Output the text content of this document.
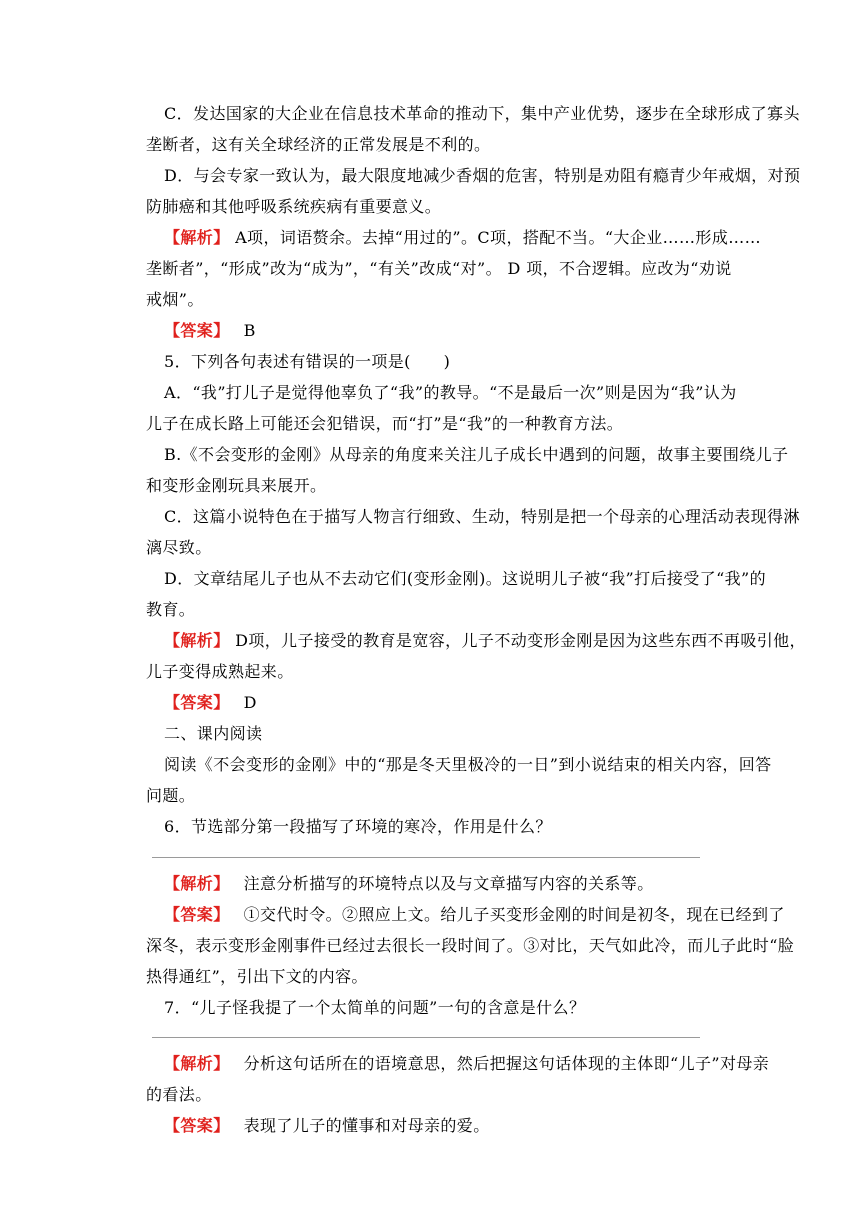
C．发达国家的大企业在信息技术革命的推动下，集中产业优势，逐步在全球形成了寡头
垄断者，这有关全球经济的正常发展是不利的。
D．与会专家一致认为，最大限度地减少香烟的危害，特别是劝阻有瘾青少年戒烟，对预
防肺癌和其他呼吸系统疾病有重要意义。
【解析】 A项，词语赘余。去掉“用过的”。C项，搭配不当。“大企业……形成……
垄断者”，“形成”改为“成为”，“有关”改成“对”。 D 项，不合逻辑。应改为“劝说
戒烟”。
【答案】 B
5．下列各句表述有错误的一项是(　　)
A．“我”打儿子是觉得他辜负了“我”的教导。“不是最后一次”则是因为“我”认为
儿子在成长路上可能还会犯错误，而“打”是“我”的一种教育方法。
B.《不会变形的金刚》从母亲的角度来关注儿子成长中遇到的问题，故事主要围绕儿子
和变形金刚玩具来展开。
C．这篇小说特色在于描写人物言行细致、生动，特别是把一个母亲的心理活动表现得淋
漓尽致。
D．文章结尾儿子也从不去动它们(变形金刚)。这说明儿子被“我”打后接受了“我”的
教育。
【解析】 D项，儿子接受的教育是宽容，儿子不动变形金刚是因为这些东西不再吸引他，
儿子变得成熟起来。
【答案】 D
二、课内阅读
阅读《不会变形的金刚》中的“那是冬天里极冷的一日”到小说结束的相关内容，回答
问题。
6．节选部分第一段描写了环境的寒冷，作用是什么？
【解析】 注意分析描写的环境特点以及与文章描写内容的关系等。
【答案】 ①交代时令。②照应上文。给儿子买变形金刚的时间是初冬，现在已经到了
深冬，表示变形金刚事件已经过去很长一段时间了。③对比，天气如此冷，而儿子此时“脸
热得通红”，引出下文的内容。
7．“儿子怪我提了一个太简单的问题”一句的含意是什么？
【解析】 分析这句话所在的语境意思，然后把握这句话体现的主体即“儿子”对母亲
的看法。
【答案】 表现了儿子的懂事和对母亲的爱。
